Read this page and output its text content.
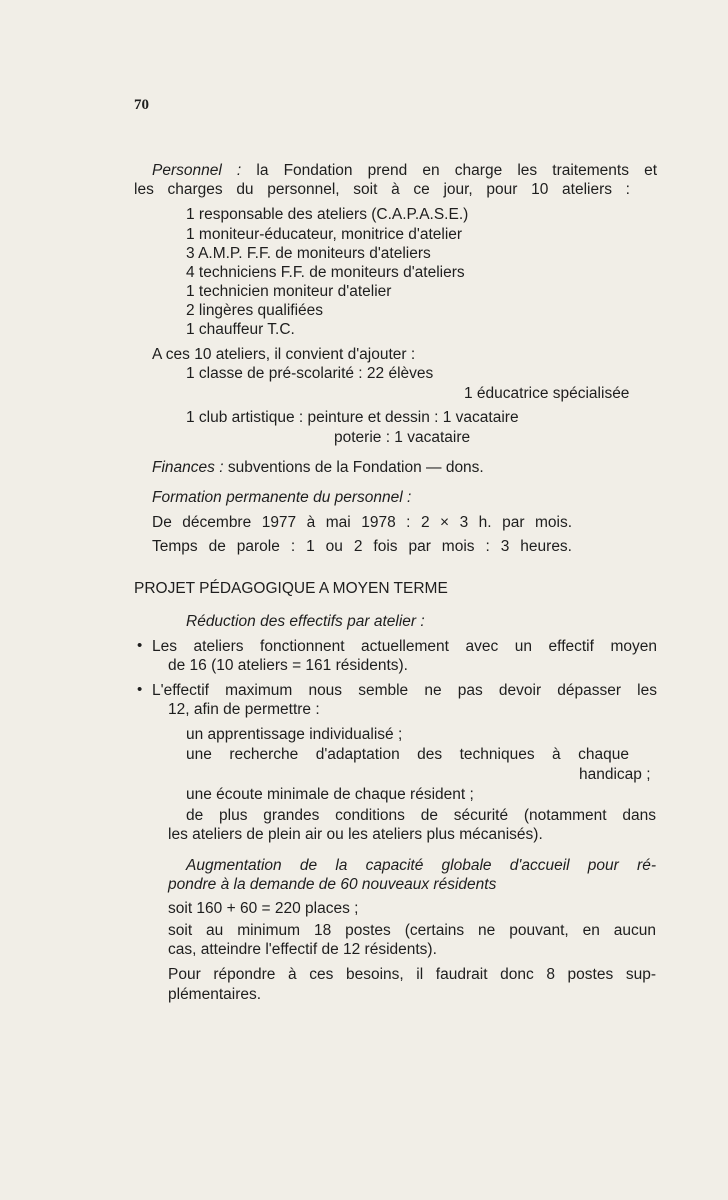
70
Personnel : la Fondation prend en charge les traitements et
les charges du personnel, soit à ce jour, pour 10 ateliers :
1 responsable des ateliers (C.A.P.A.S.E.)
1 moniteur-éducateur, monitrice d'atelier
3 A.M.P. F.F. de moniteurs d'ateliers
4 techniciens F.F. de moniteurs d'ateliers
1 technicien moniteur d'atelier
2 lingères qualifiées
1 chauffeur T.C.
A ces 10 ateliers, il convient d'ajouter :
1 classe de pré-scolarité : 22 élèves
1 éducatrice spécialisée
1 club artistique : peinture et dessin : 1 vacataire
poterie : 1 vacataire
Finances : subventions de la Fondation — dons.
Formation permanente du personnel :
De décembre 1977 à mai 1978 : 2 × 3 h. par mois.
Temps de parole : 1 ou 2 fois par mois : 3 heures.
PROJET PÉDAGOGIQUE A MOYEN TERME
Réduction des effectifs par atelier :
• Les ateliers fonctionnent actuellement avec un effectif moyen
de 16 (10 ateliers = 161 résidents).
• L'effectif maximum nous semble ne pas devoir dépasser les
12, afin de permettre :
un apprentissage individualisé ;
une recherche d'adaptation des techniques à chaque
handicap ;
une écoute minimale de chaque résident ;
de plus grandes conditions de sécurité (notamment dans
les ateliers de plein air ou les ateliers plus mécanisés).
Augmentation de la capacité globale d'accueil pour ré-
pondre à la demande de 60 nouveaux résidents
soit 160 + 60 = 220 places ;
soit au minimum 18 postes (certains ne pouvant, en aucun
cas, atteindre l'effectif de 12 résidents).
Pour répondre à ces besoins, il faudrait donc 8 postes sup-
plémentaires.
